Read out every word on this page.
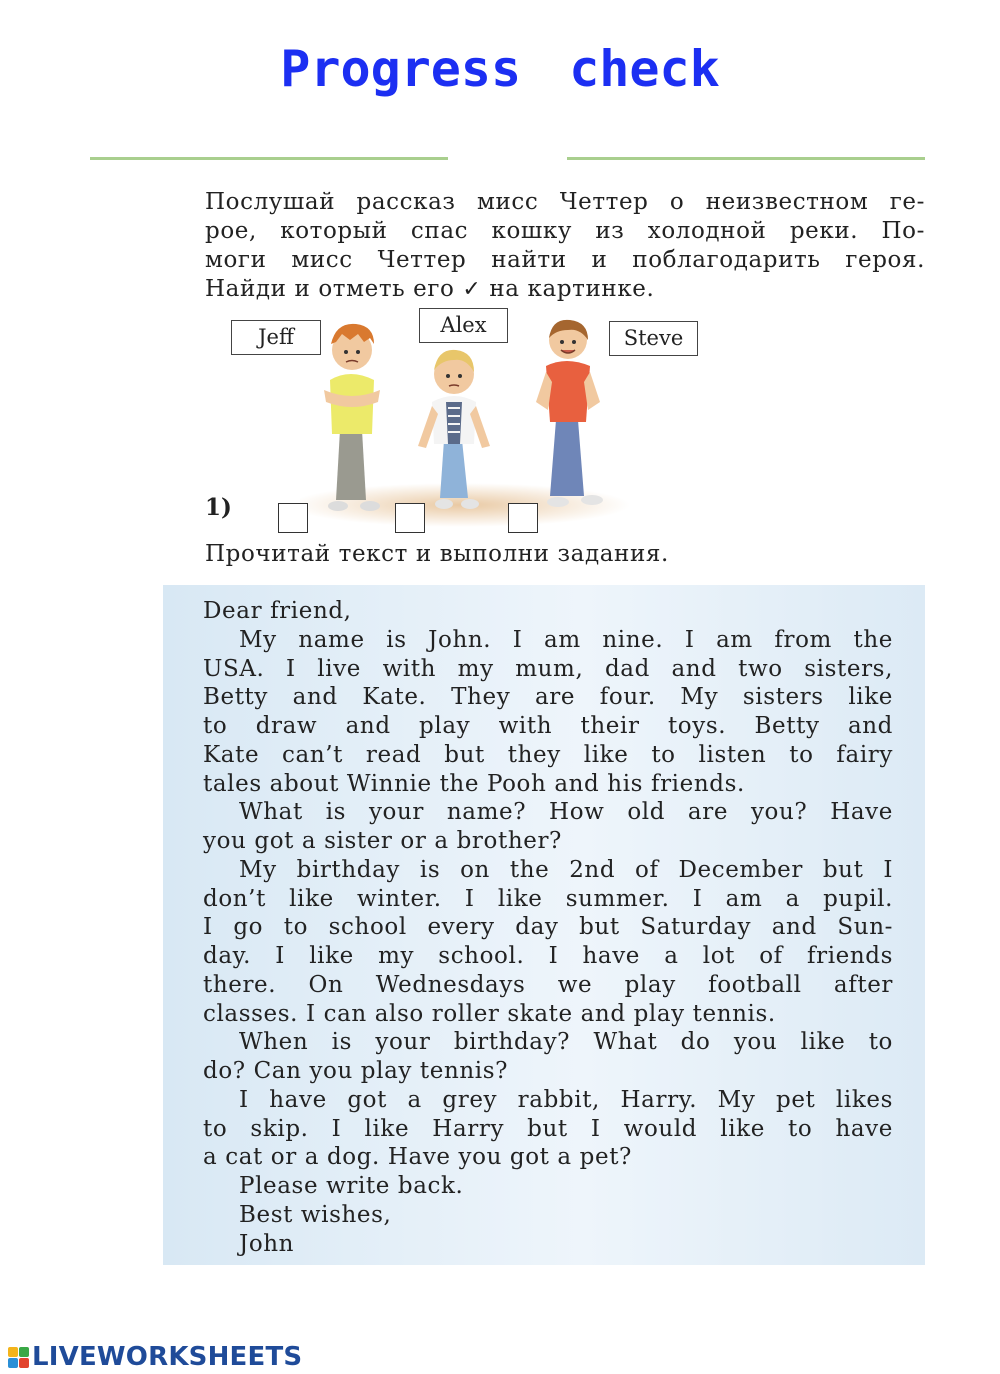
Progress check
Послушай рассказ мисс Четтер о неизвестном ге-
рое, который спас кошку из холодной реки. По-
моги мисс Четтер найти и поблагодарить героя.
Найди и отметь его ✓ на картинке.
Jeff	Alex
Steve
1)
Прочитай текст и выполни задания.
Dear friend,
My name is John. I am nine. I am from the
USA. I live with my mum, dad and two sisters,
Betty and Kate. They are four. My sisters like
to draw and play with their toys. Betty and
Kate can’t read but they like to listen to fairy
tales about Winnie the Pooh and his friends.
What is your name? How old are you? Have
you got a sister or a brother?
My birthday is on the 2nd of December but I
don’t like winter. I like summer. I am a pupil.
I go to school every day but Saturday and Sun-
day. I like my school. I have a lot of friends
there. On Wednesdays we play football after
classes. I can also roller skate and play tennis.
When is your birthday? What do you like to
do? Can you play tennis?
I have got a grey rabbit, Harry. My pet likes
to skip. I like Harry but I would like to have
a cat or a dog. Have you got a pet?
Please write back.
Best wishes,
John
LIVEWORKSHEETS
